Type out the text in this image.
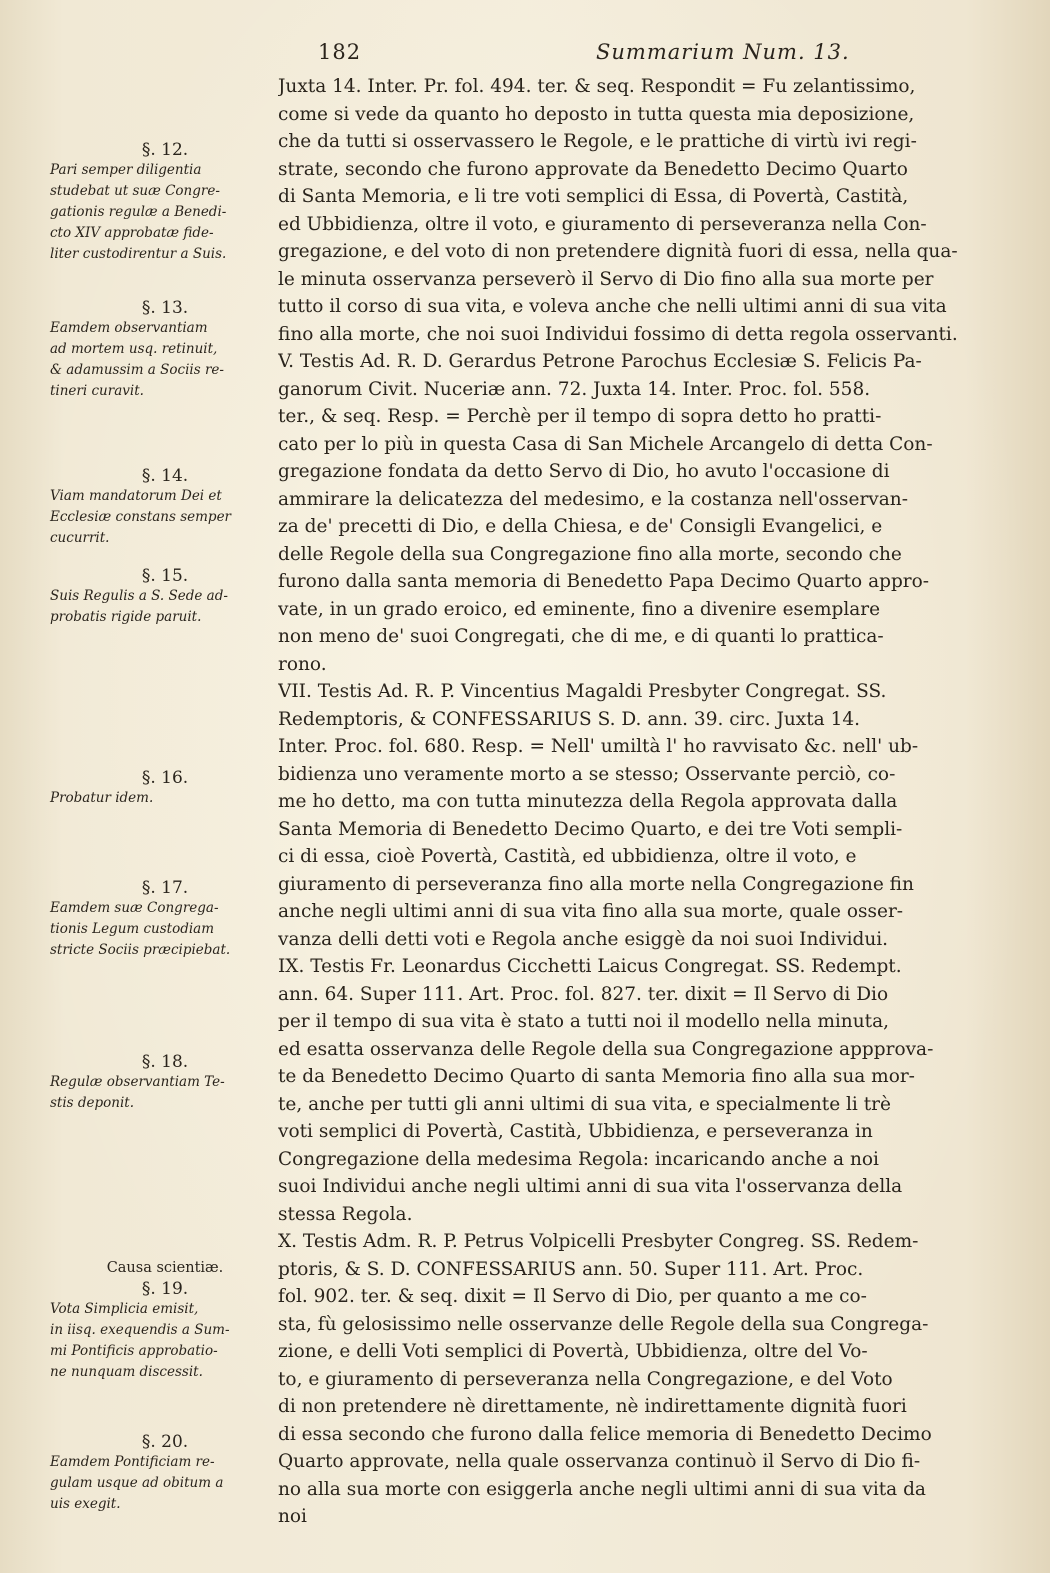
182	Summarium Num. 13.
§. 12.
Pari semper diligentia
studebat ut suæ Congre-
gationis regulæ a Benedi-
cto XIV approbatæ fide-
liter custodirentur a Suis.
§. 13.
Eamdem observantiam
ad mortem usq. retinuit,
& adamussim a Sociis re-
tineri curavit.
§. 14.
Viam mandatorum Dei et
Ecclesiæ constans semper
cucurrit.
§. 15.
Suis Regulis a S. Sede ad-
probatis rigide paruit.
§. 16.
Probatur idem.
§. 17.
Eamdem suæ Congrega-
tionis Legum custodiam
stricte Sociis præcipiebat.
§. 18.
Regulæ observantiam Te-
stis deponit.
Causa scientiæ.
§. 19.
Vota Simplicia emisit,
in iisq. exequendis a Sum-
mi Pontificis approbatio-
ne nunquam discessit.
§. 20.
Eamdem Pontificiam re-
gulam usque ad obitum a
uis exegit.
Juxta 14. Inter. Pr. fol. 494. ter. & seq. Respondit = Fu zelantissimo,
come si vede da quanto ho deposto in tutta questa mia deposizione,
che da tutti si osservassero le Regole, e le prattiche di virtù ivi regi-
strate, secondo che furono approvate da Benedetto Decimo Quarto
di Santa Memoria, e li tre voti semplici di Essa, di Povertà, Castità,
ed Ubbidienza, oltre il voto, e giuramento di perseveranza nella Con-
gregazione, e del voto di non pretendere dignità fuori di essa, nella qua-
le minuta osservanza perseverò il Servo di Dio fino alla sua morte per
tutto il corso di sua vita, e voleva anche che nelli ultimi anni di sua vita
fino alla morte, che noi suoi Individui fossimo di detta regola osservanti.
V. Testis Ad. R. D. Gerardus Petrone Parochus Ecclesiæ S. Felicis Pa-
ganorum Civit. Nuceriæ ann. 72. Juxta 14. Inter. Proc. fol. 558.
ter., & seq. Resp. = Perchè per il tempo di sopra detto ho pratti-
cato per lo più in questa Casa di San Michele Arcangelo di detta Con-
gregazione fondata da detto Servo di Dio, ho avuto l'occasione di
ammirare la delicatezza del medesimo, e la costanza nell'osservan-
za de' precetti di Dio, e della Chiesa, e de' Consigli Evangelici, e
delle Regole della sua Congregazione fino alla morte, secondo che
furono dalla santa memoria di Benedetto Papa Decimo Quarto appro-
vate, in un grado eroico, ed eminente, fino a divenire esemplare
non meno de' suoi Congregati, che di me, e di quanti lo prattica-
rono.
VII. Testis Ad. R. P. Vincentius Magaldi Presbyter Congregat. SS.
Redemptoris, & CONFESSARIUS S. D. ann. 39. circ. Juxta 14.
Inter. Proc. fol. 680. Resp. = Nell' umiltà l' ho ravvisato &c. nell' ub-
bidienza uno veramente morto a se stesso; Osservante perciò, co-
me ho detto, ma con tutta minutezza della Regola approvata dalla
Santa Memoria di Benedetto Decimo Quarto, e dei tre Voti sempli-
ci di essa, cioè Povertà, Castità, ed ubbidienza, oltre il voto, e
giuramento di perseveranza fino alla morte nella Congregazione fin
anche negli ultimi anni di sua vita fino alla sua morte, quale osser-
vanza delli detti voti e Regola anche esiggè da noi suoi Individui.
IX. Testis Fr. Leonardus Cicchetti Laicus Congregat. SS. Redempt.
ann. 64. Super 111. Art. Proc. fol. 827. ter. dixit = Il Servo di Dio
per il tempo di sua vita è stato a tutti noi il modello nella minuta,
ed esatta osservanza delle Regole della sua Congregazione appprova-
te da Benedetto Decimo Quarto di santa Memoria fino alla sua mor-
te, anche per tutti gli anni ultimi di sua vita, e specialmente li trè
voti semplici di Povertà, Castità, Ubbidienza, e perseveranza in
Congregazione della medesima Regola: incaricando anche a noi
suoi Individui anche negli ultimi anni di sua vita l'osservanza della
stessa Regola.
X. Testis Adm. R. P. Petrus Volpicelli Presbyter Congreg. SS. Redem-
ptoris, & S. D. CONFESSARIUS ann. 50. Super 111. Art. Proc.
fol. 902. ter. & seq. dixit = Il Servo di Dio, per quanto a me co-
sta, fù gelosissimo nelle osservanze delle Regole della sua Congrega-
zione, e delli Voti semplici di Povertà, Ubbidienza, oltre del Vo-
to, e giuramento di perseveranza nella Congregazione, e del Voto
di non pretendere nè direttamente, nè indirettamente dignità fuori
di essa secondo che furono dalla felice memoria di Benedetto Decimo
Quarto approvate, nella quale osservanza continuò il Servo di Dio fi-
no alla sua morte con esiggerla anche negli ultimi anni di sua vita da
noi
